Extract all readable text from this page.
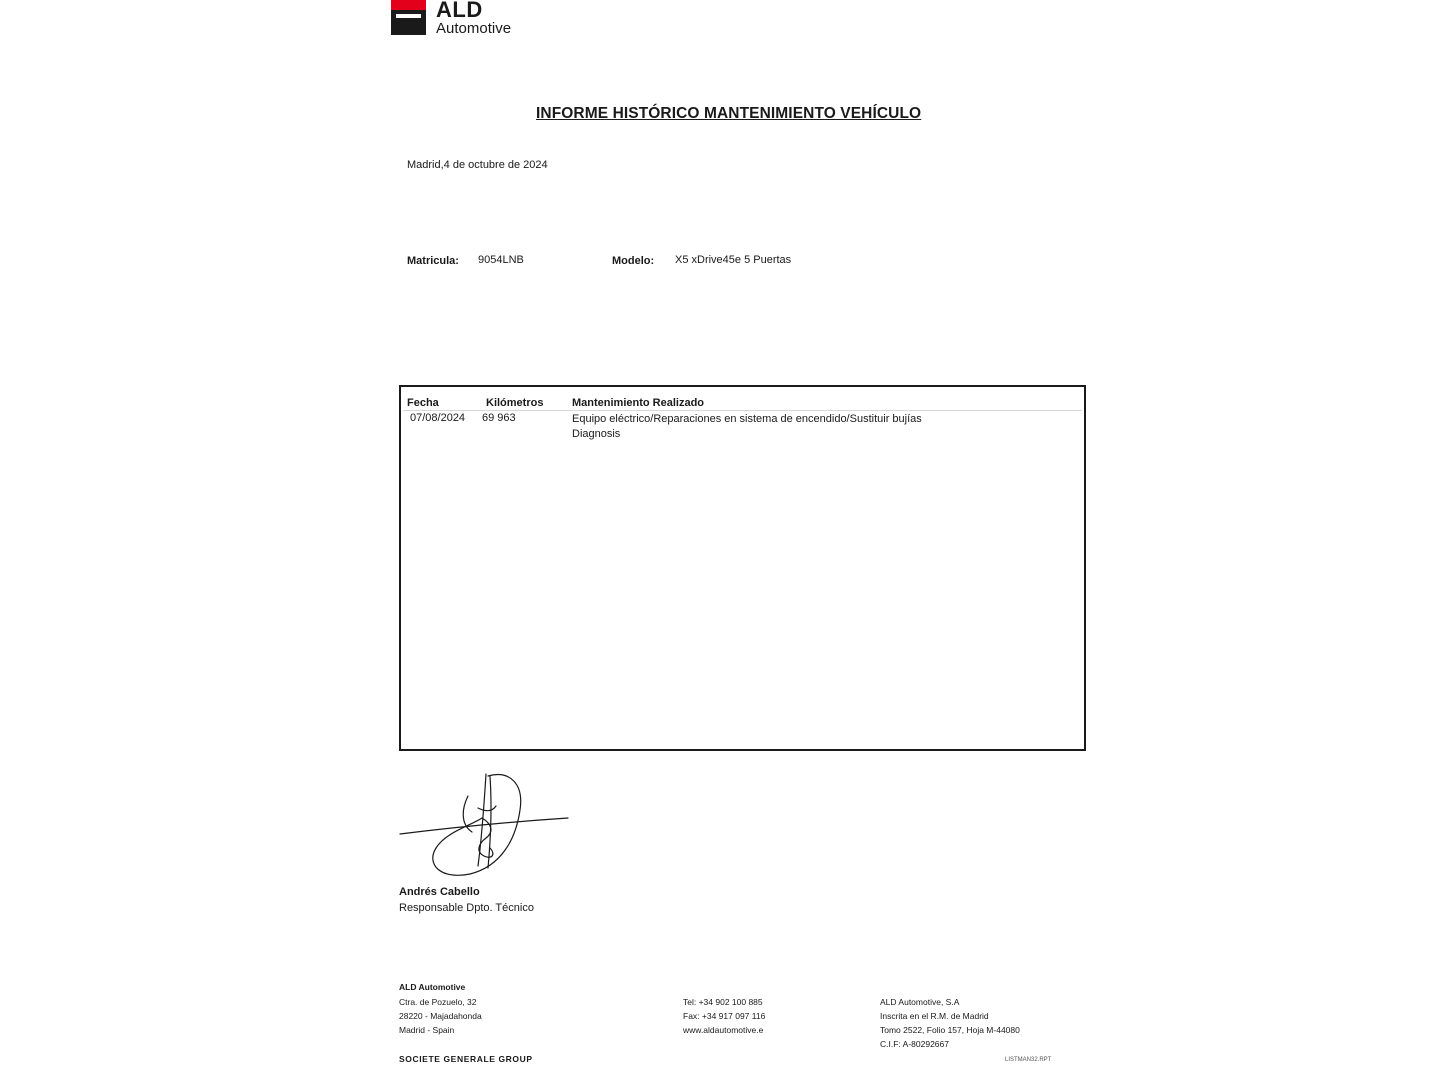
ALD
Automotive
INFORME HISTÓRICO MANTENIMIENTO VEHÍCULO
Madrid,4 de octubre de 2024
Matricula: 9054LNB	Modelo: X5 xDrive45e 5 Puertas
Fecha	Kilómetros	Mantenimiento Realizado
07/08/2024 69 963	Equipo eléctrico/Reparaciones en sistema de encendido/Sustituir bujías
Diagnosis
Andrés Cabello
Responsable Dpto. Técnico
ALD Automotive
Ctra. de Pozuelo, 32
28220 - Majadahonda
Madrid - Spain
Tel: +34 902 100 885
Fax: +34 917 097 116
www.aldautomotive.e
ALD Automotive, S.A
Inscrita en el R.M. de Madrid
Tomo 2522, Folio 157, Hoja M-44080
C.I.F: A-80292667
SOCIETE GENERALE GROUP	LISTMAN32.RPT
